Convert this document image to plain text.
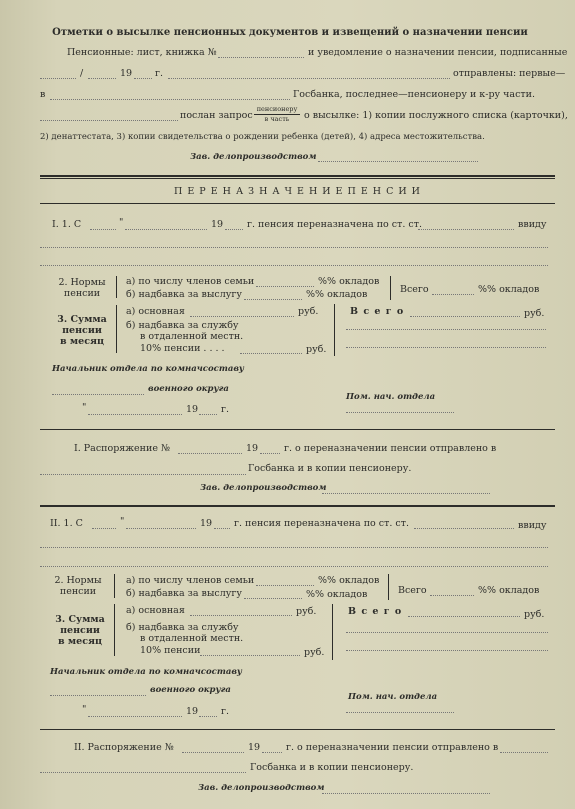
Отметки о высылке пенсионных документов и извещений о назначении пенсии
Пенсионные: лист, книжка №	и уведомление о назначении пенсии, подписанные
/	19 г.	отправлены: первые—
в	Госбанка, последнее—пенсионеру и к-ру части.
послан запрос
пенсионеру
в часть	о высылке: 1) копии послужного списка (карточки),
2) денаттестата, 3) копии свидетельства о рождении ребенка (детей), 4) адреса местожительства.
Зав. делопроизводством
П Е Р Е Н А З Н А Ч Е Н И Е П Е Н С И И
I. 1. С	"	19	г. пенсия переназначена по ст. ст.	ввиду
2. Нормы
пенсии
а) по числу членов семьи	%% окладов
б) надбавка за выслугу	%% окладов	Всего	%% окладов
3. Сумма
пенсии
в месяц
а) основная	руб.
б) надбавка за службу
в отдаленной местн.
10% пенсии . . . .	руб.
В с е г о	руб.
Начальник отдела по комначсоставу
военного округа
Пом. нач. отдела
"	19 г.
I. Распоряжение №	19	г. о переназначении пенсии отправлено в
Госбанка и в копии пенсионеру.
Зав. делопроизводством
II. 1. С	"	19 г. пенсия переназначена по ст. ст.	ввиду
2. Нормы
пенсии
а) по числу членов семьи	%% окладов
б) надбавка за выслугу	%% окладов	Всего	%% окладов
3. Сумма
пенсии
в месяц
а) основная	руб.
б) надбавка за службу
в отдаленной местн.
10% пенсии	руб.
В с е г о	руб.
Начальник отдела по комначсоставу
военного округа
Пом. нач. отдела
"	19 г.
II. Распоряжение №	19	г. о переназначении пенсии отправлено в
Госбанка и в копии пенсионеру.
Зав. делопроизводством
